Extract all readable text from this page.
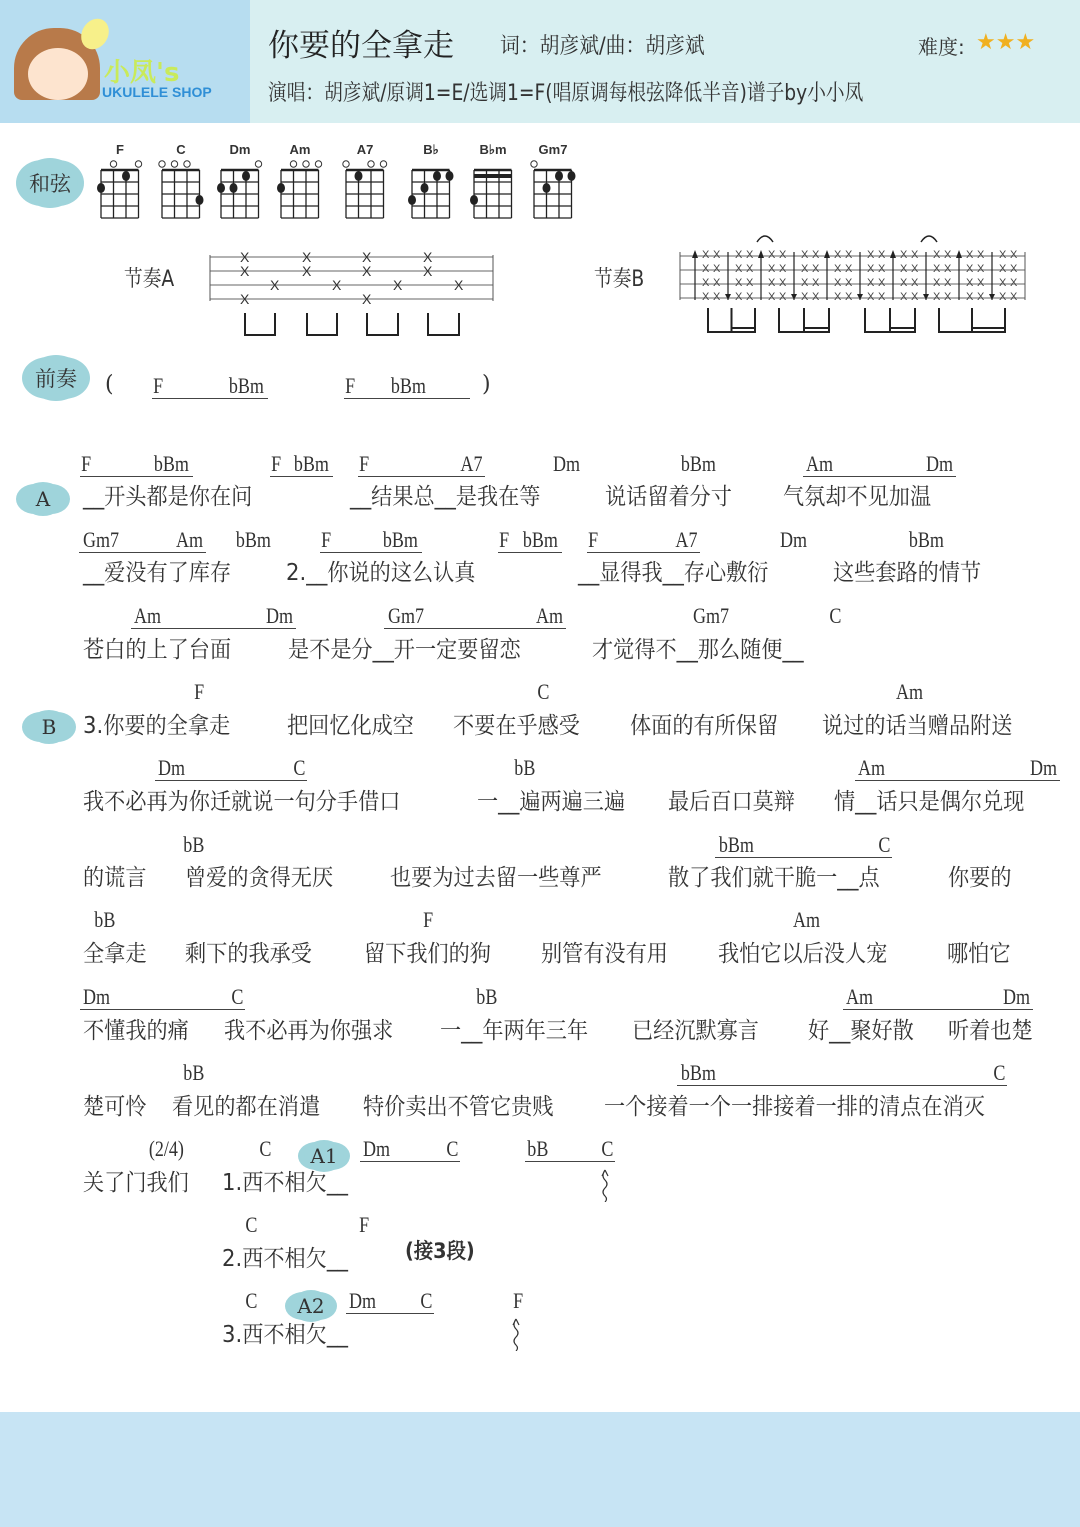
小凤's
UKULELE SHOP
你要的全拿走 词：胡彦斌/曲：胡彦斌	难度: ★★★
演唱：胡彦斌/原调1=E/选调1=F(唱原调每根弦降低半音)谱子by小小凤
和弦
F	C	Dm	Am	A7	B♭	B♭m	Gm7
节奏A
X
X
X
X
X
X
X
X
X
X
X
X
X
X	节奏B
X
X
X
X
X
X
X
X
X
X
X
X
X
X
X
X
X
X
X
X
X
X
X
X
X
X
X
X
X
X
X
X
X
X
X
X
X
X
X
X
X
X
X
X
X
X
X
X
X
X
X
X
X
X
X
X
X
X
X
X
X
X
X
X
X
X
X
X
X
X
X
X
X
X
X
X
X
X
X
X
前奏
A
B
A1
A2
(	)
F	bBm	F bBm
F	bBm	F bBm F	A7	Dm	bBm	Am	Dm
__开头都是你在问	__结果总__是我在等	说话留着分寸 气氛却不见加温
Gm7	Am bBm F bBm	F bBm F	A7	Dm	bBm
__爱没有了库存 2.__你说的这么认真	__显得我__存心敷衍	这些套路的情节
Am	Dm	Gm7	Am	Gm7	C
苍白的上了台面 是不是分__开一定要留恋	才觉得不__那么随便__
F	C	Am
3.你要的全拿走 把回忆化成空 不要在乎感受 体面的有所保留 说过的话当赠品附送
Dm	C	bB	Am	Dm
我不必再为你迁就说一句分手借口	一__遍两遍三遍 最后百口莫辩 情__话只是偶尔兑现
bB	bBm	C
的谎言 曾爱的贪得无厌 也要为过去留一些尊严	散了我们就干脆一__点	你要的
bB	F	Am
全拿走 剩下的我承受 留下我们的狗 别管有没有用 我怕它以后没人宠	哪怕它
Dm	C	bB	Am	Dm
不懂我的痛 我不必再为你强求 一__年两年三年 已经沉默寡言 好__聚好散 听着也楚
bB	bBm	C
楚可怜 看见的都在消遣 特价卖出不管它贵贱 一个接着一个一排接着一排的清点在消灭
(2/4)	C	Dm	C	bB C
关了门我们 1.西不相欠__
C	F
2.西不相欠__	(接3段)
C	Dm C	F
3.西不相欠__
